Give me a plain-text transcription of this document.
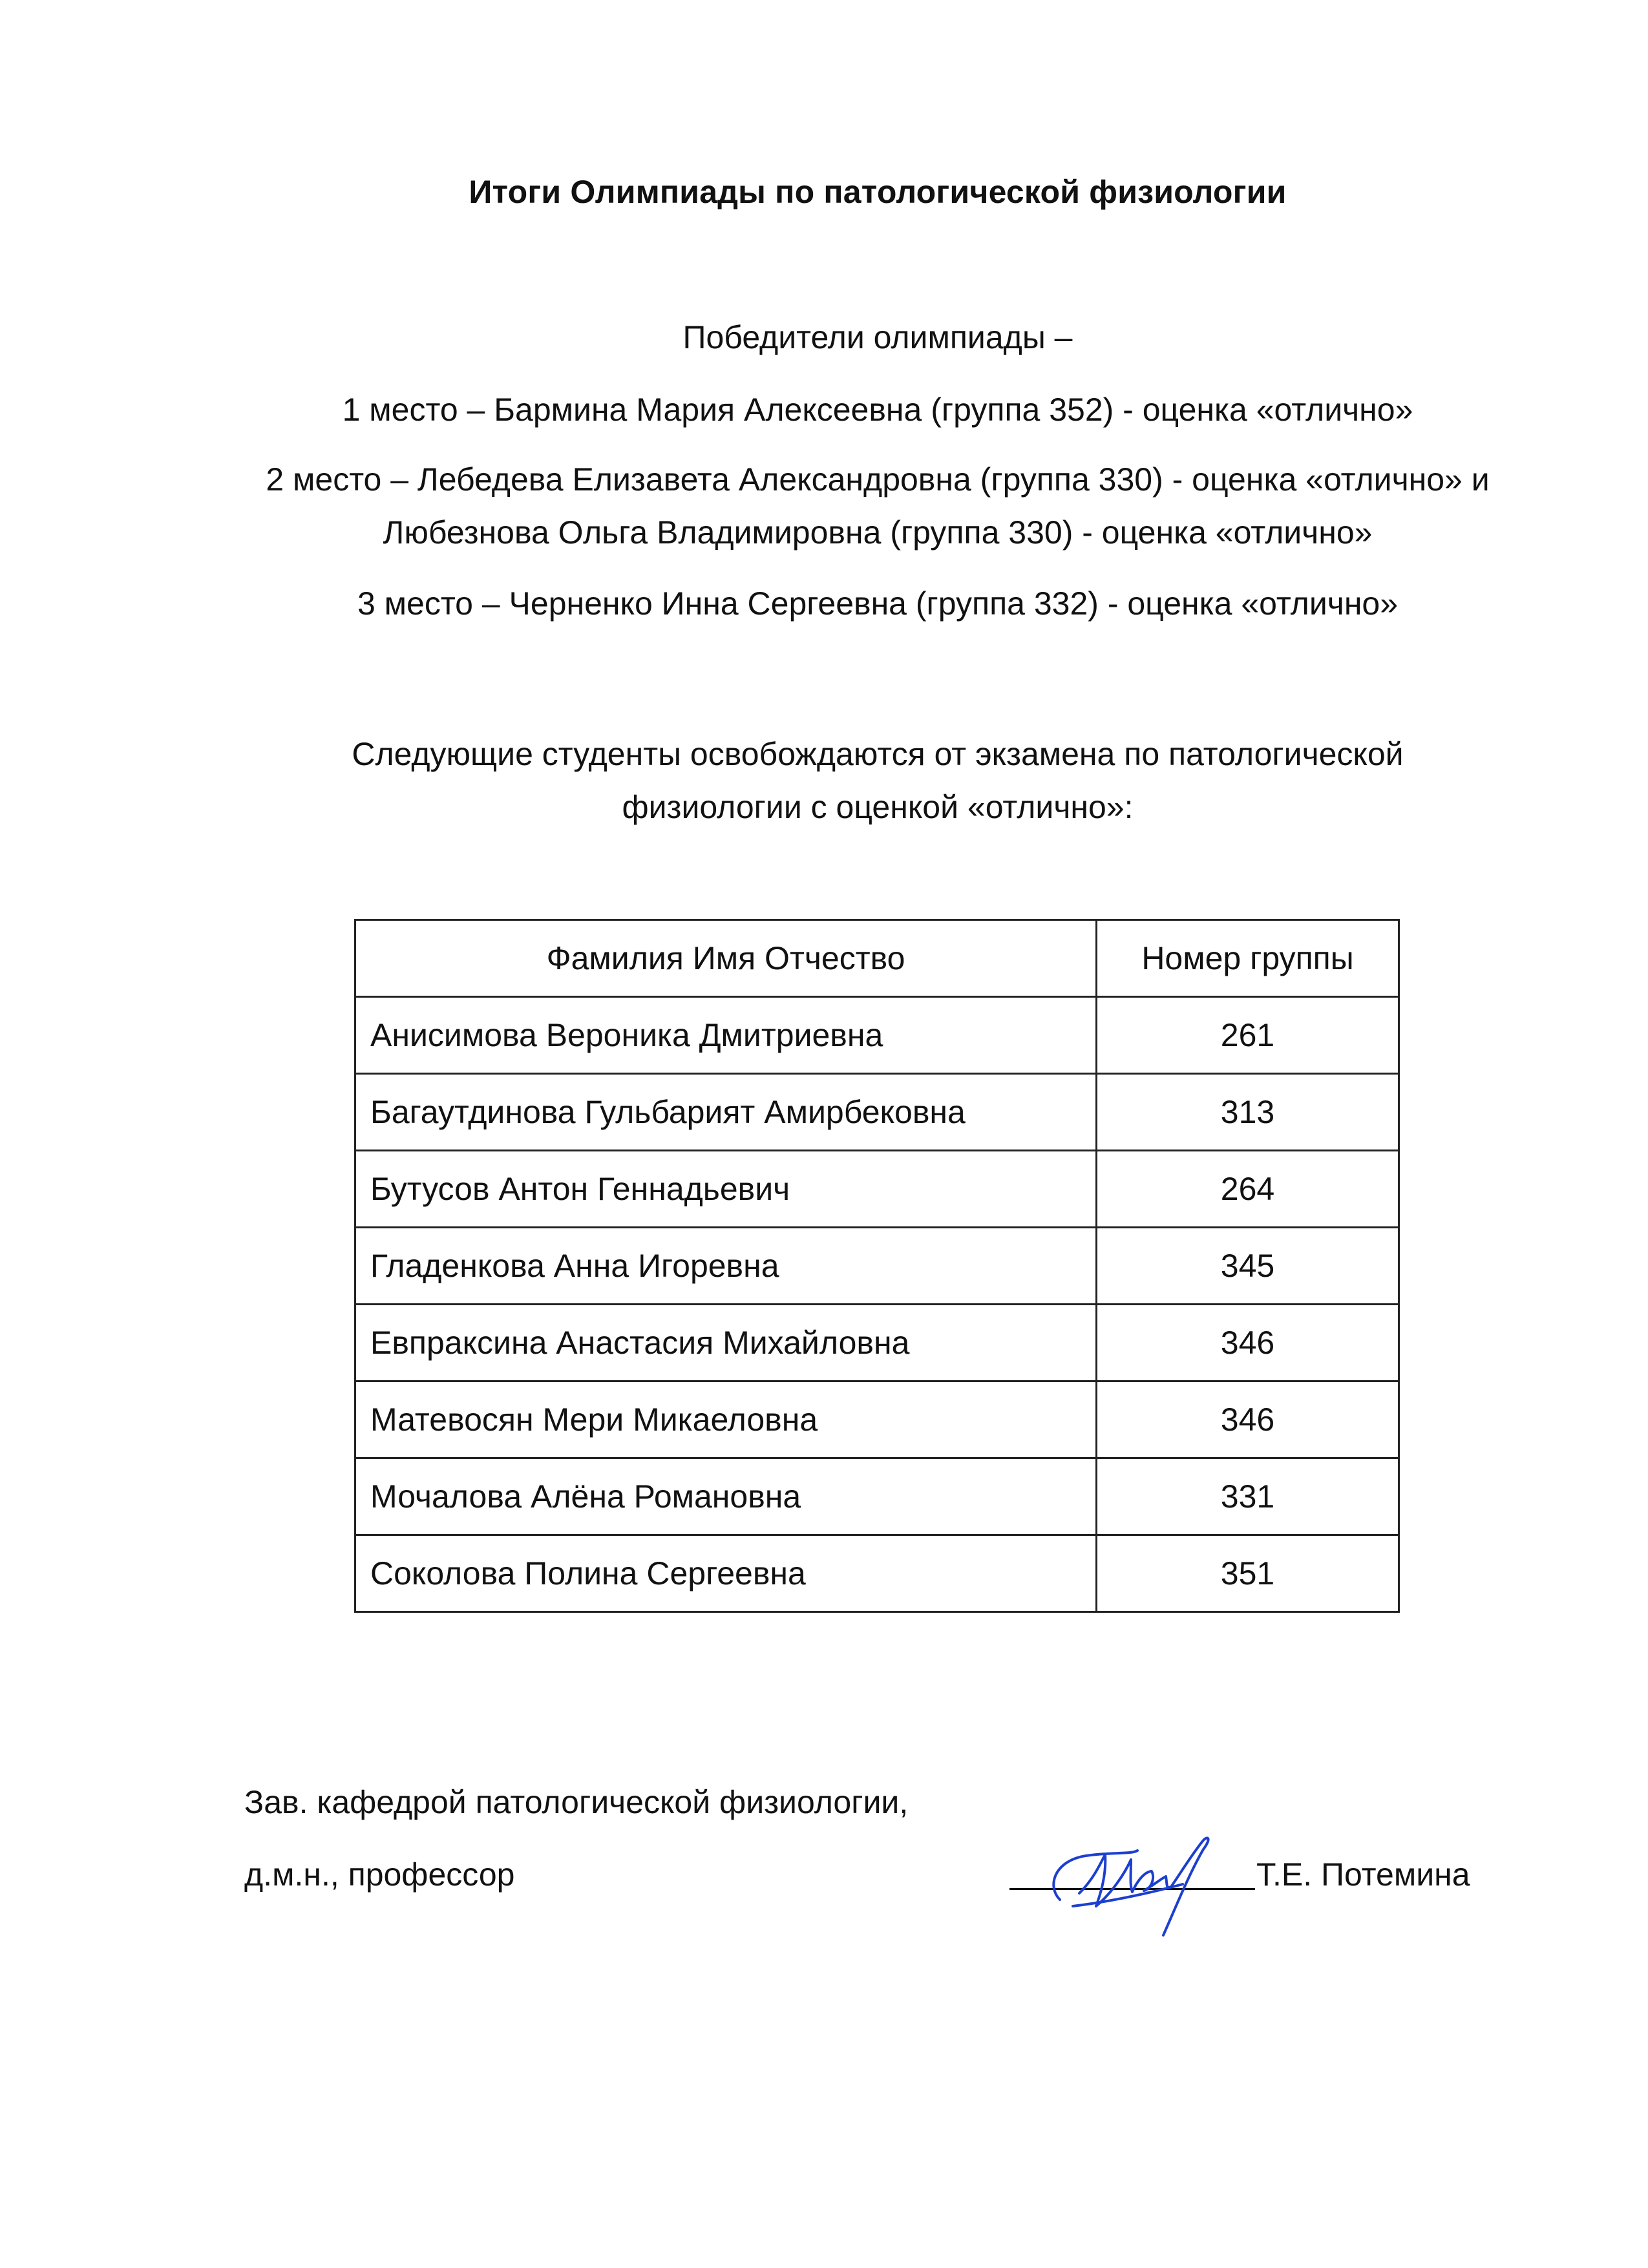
Итоги Олимпиады по патологической физиологии
Победители олимпиады –
1 место – Бармина Мария Алексеевна (группа 352) - оценка «отлично»
2 место – Лебедева Елизавета Александровна (группа 330) - оценка «отлично» и
Любезнова Ольга Владимировна (группа 330) - оценка «отлично»
3 место – Черненко Инна Сергеевна (группа 332) - оценка «отлично»
Следующие студенты освобождаются от экзамена по патологической
физиологии с оценкой «отлично»:
Фамилия Имя Отчество	Номер группы
Анисимова Вероника Дмитриевна	261
Багаутдинова Гульбарият Амирбековна	313
Бутусов Антон Геннадьевич	264
Гладенкова Анна Игоревна	345
Евпраксина Анастасия Михайловна	346
Матевосян Мери Микаеловна	346
Мочалова Алёна Романовна	331
Соколова Полина Сергеевна	351
Зав. кафедрой патологической физиологии,
д.м.н., профессор	Т.Е. Потемина
